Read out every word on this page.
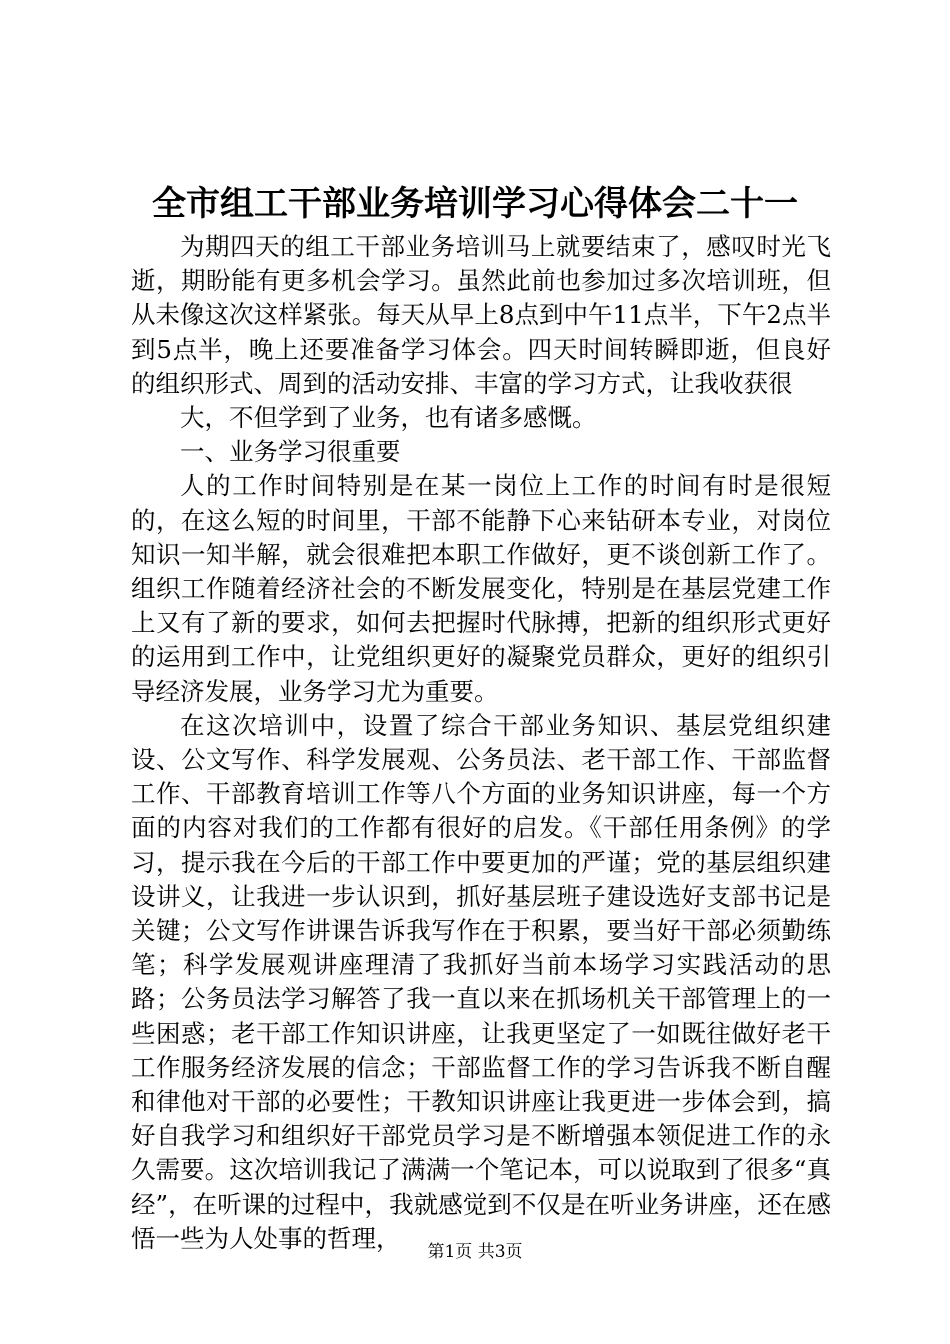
全市组工干部业务培训学习心得体会二十一

为期四天的组工干部业务培训马上就要结束了，感叹时光飞逝，期盼能有更多机会学习。虽然此前也参加过多次培训班，但从未像这次这样紧张。每天从早上8点到中午11点半，下午2点半到5点半，晚上还要准备学习体会。四天时间转瞬即逝，但良好的组织形式、周到的活动安排、丰富的学习方式，让我收获很

大，不但学到了业务，也有诸多感慨。

一、业务学习很重要

人的工作时间特别是在某一岗位上工作的时间有时是很短的，在这么短的时间里，干部不能静下心来钻研本专业，对岗位知识一知半解，就会很难把本职工作做好，更不谈创新工作了。组织工作随着经济社会的不断发展变化，特别是在基层党建工作上又有了新的要求，如何去把握时代脉搏，把新的组织形式更好的运用到工作中，让党组织更好的凝聚党员群众，更好的组织引导经济发展，业务学习尤为重要。

在这次培训中，设置了综合干部业务知识、基层党组织建设、公文写作、科学发展观、公务员法、老干部工作、干部监督工作、干部教育培训工作等八个方面的业务知识讲座，每一个方面的内容对我们的工作都有很好的启发。《干部任用条例》的学习，提示我在今后的干部工作中要更加的严谨；党的基层组织建设讲义，让我进一步认识到，抓好基层班子建设选好支部书记是关键；公文写作讲课告诉我写作在于积累，要当好干部必须勤练笔；科学发展观讲座理清了我抓好当前本场学习实践活动的思路；公务员法学习解答了我一直以来在抓场机关干部管理上的一些困惑；老干部工作知识讲座，让我更坚定了一如既往做好老干工作服务经济发展的信念；干部监督工作的学习告诉我不断自醒和律他对干部的必要性；干教知识讲座让我更进一步体会到，搞好自我学习和组织好干部党员学习是不断增强本领促进工作的永久需要。这次培训我记了满满一个笔记本，可以说取到了很多“真经”，在听课的过程中，我就感觉到不仅是在听业务讲座，还在感悟一些为人处事的哲理，	第1页 共3页
